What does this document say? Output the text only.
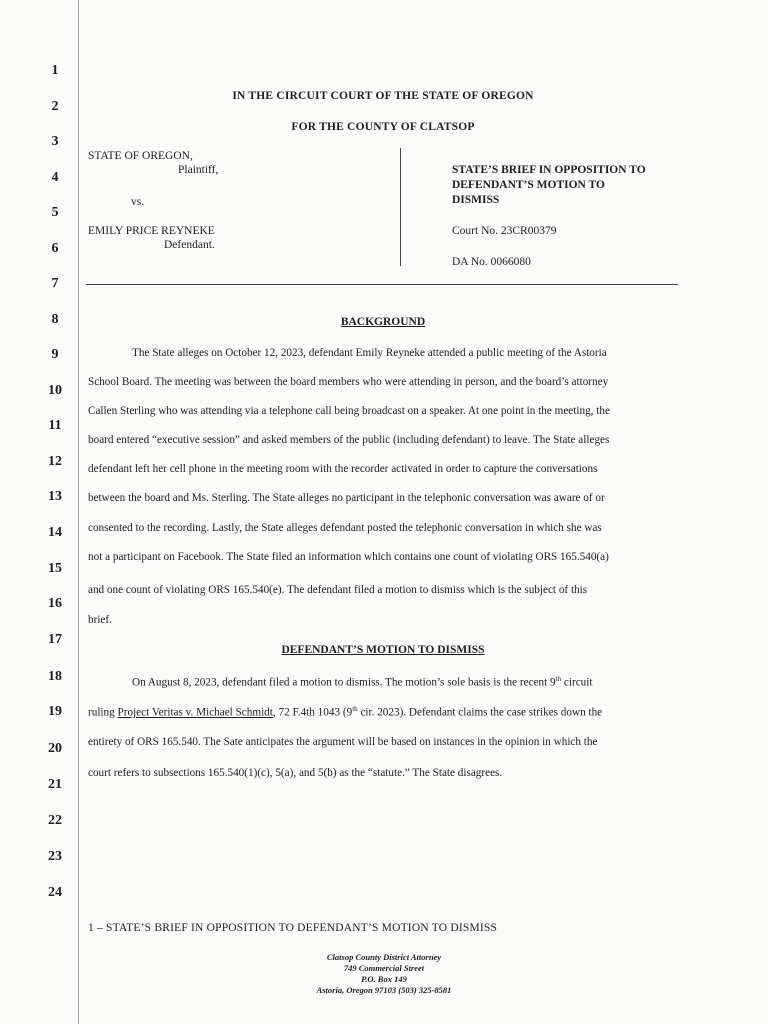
1
2
3
4
5
6
7
8
9
10
11
12
13
14
15
16
17
18
19
20
21
22
23
24
IN THE CIRCUIT COURT OF THE STATE OF OREGON
FOR THE COUNTY OF CLATSOP
STATE OF OREGON,
Plaintiff,
vs.
EMILY PRICE REYNEKE
Defendant.
STATE’S BRIEF IN OPPOSITION TO
DEFENDANT’S MOTION TO
DISMISS
Court No. 23CR00379
DA No. 0066080
BACKGROUND
The State alleges on October 12, 2023, defendant Emily Reyneke attended a public meeting of the Astoria
School Board. The meeting was between the board members who were attending in person, and the board’s attorney
Callen Sterling who was attending via a telephone call being broadcast on a speaker. At one point in the meeting, the
board entered “executive session” and asked members of the public (including defendant) to leave. The State alleges
defendant left her cell phone in the meeting room with the recorder activated in order to capture the conversations
between the board and Ms. Sterling. The State alleges no participant in the telephonic conversation was aware of or
consented to the recording. Lastly, the State alleges defendant posted the telephonic conversation in which she was
not a participant on Facebook. The State filed an information which contains one count of violating ORS 165.540(a)
and one count of violating ORS 165.540(e). The defendant filed a motion to dismiss which is the subject of this
brief.
DEFENDANT’S MOTION TO DISMISS
On August 8, 2023, defendant filed a motion to dismiss. The motion’s sole basis is the recent 9th circuit
ruling Project Veritas v. Michael Schmidt, 72 F.4th 1043 (9th cir. 2023). Defendant claims the case strikes down the
entirety of ORS 165.540. The Sate anticipates the argument will be based on instances in the opinion in which the
court refers to subsections 165.540(1)(c), 5(a), and 5(b) as the “statute.” The State disagrees.
1 – STATE’S BRIEF IN OPPOSITION TO DEFENDANT’S MOTION TO DISMISS
Clatsop County District Attorney
749 Commercial Street
P.O. Box 149
Astoria, Oregon 97103 (503) 325-8581
